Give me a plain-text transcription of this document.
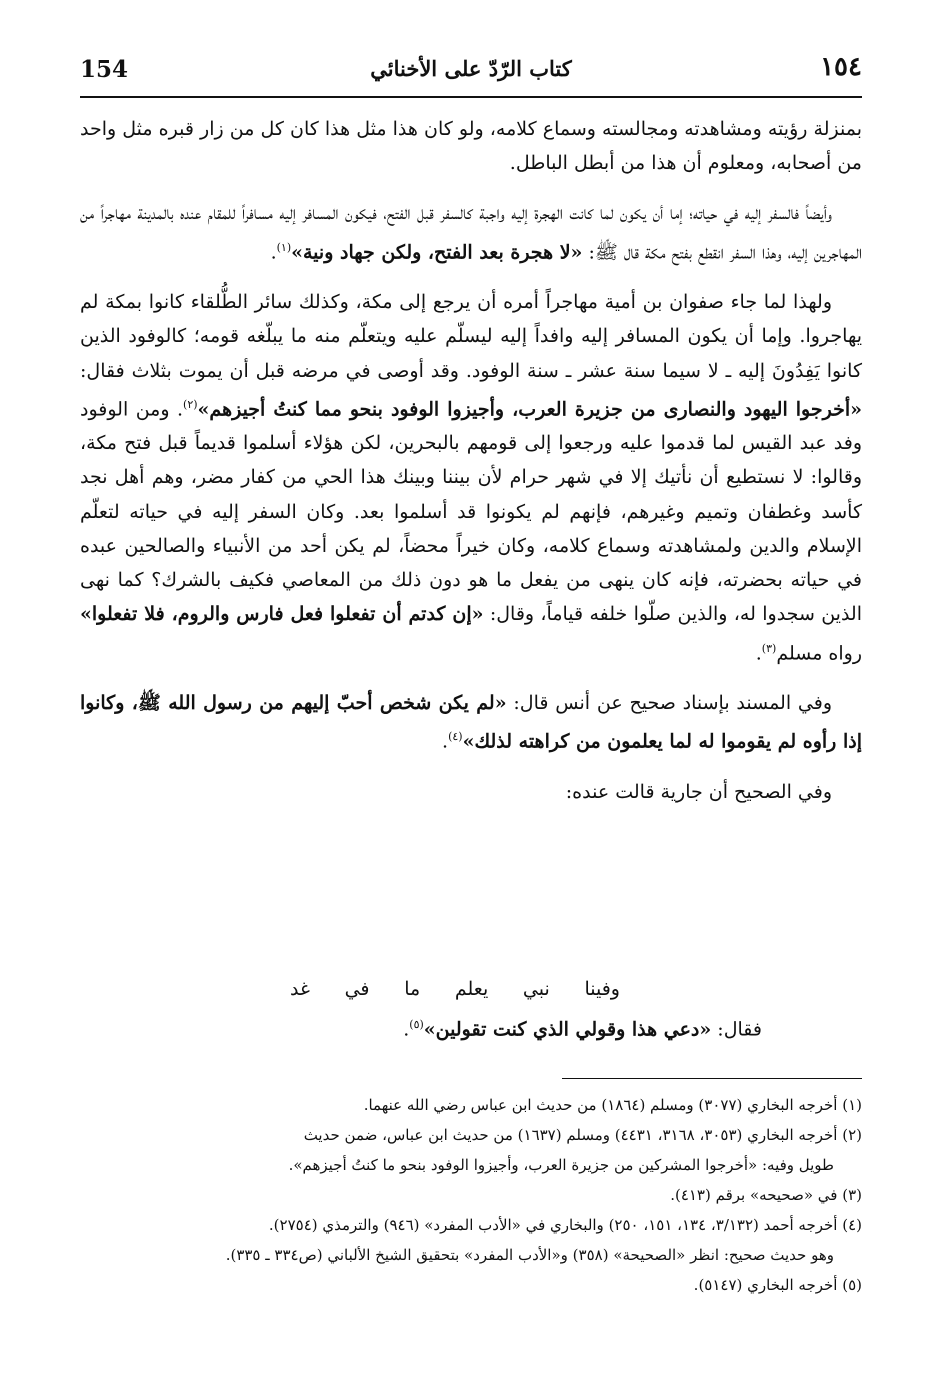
154	كتاب الرّدّ على الأخنائي	١٥٤

بمنزلة رؤيته ومشاهدته ومجالسته وسماع كلامه، ولو كان هذا مثل هذا كان كل من زار قبره مثل واحد من أصحابه، ومعلوم أن هذا من أبطل الباطل.

وأيضاً فالسفر إليه في حياته؛ إما أن يكون لما كانت الهجرة إليه واجبة كالسفر قبل الفتح، فيكون المسافر إليه مسافراً للمقام عنده بالمدينة مهاجراً من المهاجرين إليه، وهذا السفر انقطع بفتح مكة قال ﷺ: «لا هجرة بعد الفتح، ولكن جهاد ونية»$^{(١)}$.

ولهذا لما جاء صفوان بن أمية مهاجراً أمره أن يرجع إلى مكة، وكذلك سائر الطُّلقاء كانوا بمكة لم يهاجروا. وإما أن يكون المسافر إليه وافداً إليه ليسلّم عليه ويتعلّم منه ما يبلّغه قومه؛ كالوفود الذين كانوا يَفِدُونَ إليه ـ لا سيما سنة عشر ـ سنة الوفود. وقد أوصى في مرضه قبل أن يموت بثلاث فقال: «أخرجوا اليهود والنصارى من جزيرة العرب، وأجيزوا الوفود بنحو مما كنتُ أجيزهم»$^{(٢)}$. ومن الوفود وفد عبد القيس لما قدموا عليه ورجعوا إلى قومهم بالبحرين، لكن هؤلاء أسلموا قديماً قبل فتح مكة، وقالوا: لا نستطيع أن نأتيك إلا في شهر حرام لأن بيننا وبينك هذا الحي من كفار مضر، وهم أهل نجد كأسد وغطفان وتميم وغيرهم، فإنهم لم يكونوا قد أسلموا بعد. وكان السفر إليه في حياته لتعلّم الإسلام والدين ولمشاهدته وسماع كلامه، وكان خيراً محضاً، لم يكن أحد من الأنبياء والصالحين عبده في حياته بحضرته، فإنه كان ينهى من يفعل ما هو دون ذلك من المعاصي فكيف بالشرك؟ كما نهى الذين سجدوا له، والذين صلّوا خلفه قياماً، وقال: «إن كدتم أن تفعلوا فعل فارس والروم، فلا تفعلوا» رواه مسلم$^{(٣)}$.

وفي المسند بإسناد صحيح عن أنس قال: «لم يكن شخص أحبّ إليهم من رسول الله ﷺ، وكانوا إذا رأوه لم يقوموا له لما يعلمون من كراهته لذلك»$^{(٤)}$.

وفي الصحيح أن جارية قالت عنده:

وفينا نبي يعلم ما في غد
فقال: «دعي هذا وقولي الذي كنت تقولين»$^{(٥)}$.

(١) أخرجه البخاري (٣٠٧٧) ومسلم (١٨٦٤) من حديث ابن عباس رضي الله عنهما.

(٢) أخرجه البخاري (٣٠٥٣، ٣١٦٨، ٤٤٣١) ومسلم (١٦٣٧) من حديث ابن عباس، ضمن حديث

طويل وفيه: «أخرجوا المشركين من جزيرة العرب، وأجيزوا الوفود بنحو ما كنتُ أجيزهم».

(٣) في «صحيحه» برقم (٤١٣).

(٤) أخرجه أحمد (٣/١٣٢، ١٣٤، ١٥١، ٢٥٠) والبخاري في «الأدب المفرد» (٩٤٦) والترمذي (٢٧٥٤).

وهو حديث صحيح: انظر «الصحيحة» (٣٥٨) و«الأدب المفرد» بتحقيق الشيخ الألباني (ص٣٣٤ ـ ٣٣٥).

(٥) أخرجه البخاري (٥١٤٧).
